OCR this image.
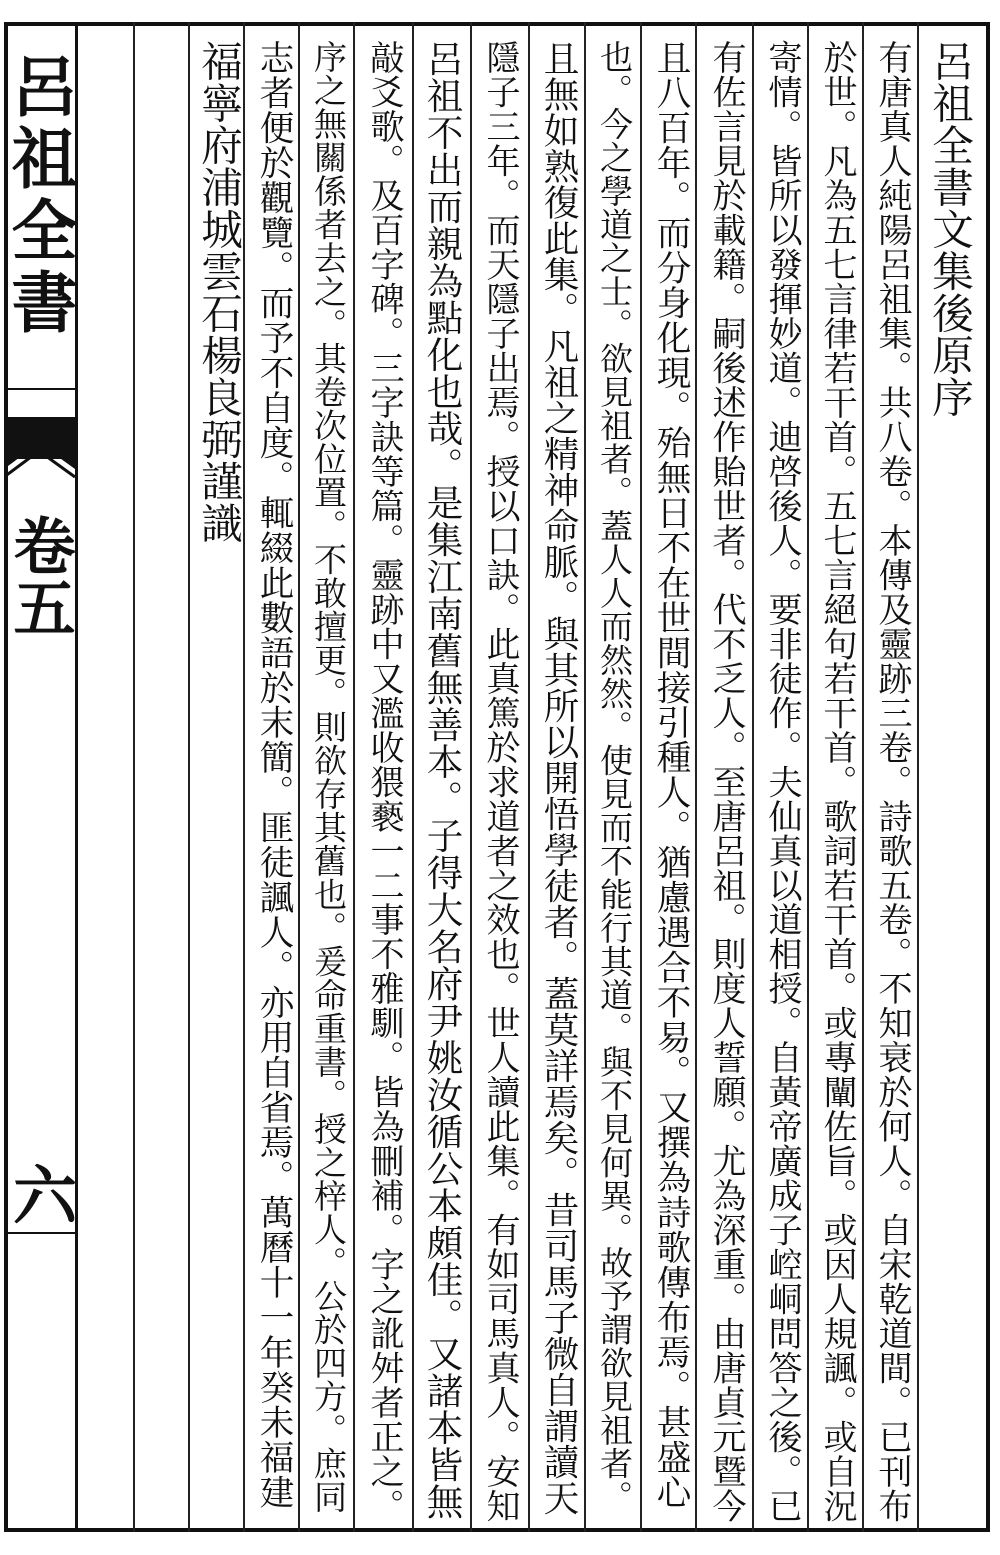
呂祖全書
卷五
六
呂祖全書文集後原序
有唐真人純陽呂祖集。共八卷。本傳及靈跡三卷。詩歌五卷。不知衰於何人。自宋乾道間。已刊布
於世。凡為五七言律若干首。五七言絕句若干首。歌詞若干首。或專闡佐旨。或因人規諷。或自況
寄情。皆所以發揮妙道。迪啓後人。要非徒作。夫仙真以道相授。自黃帝廣成子崆峒問答之後。已
有佐言見於載籍。嗣後述作貽世者。代不乏人。至唐呂祖。則度人誓願。尤為深重。由唐貞元暨今
且八百年。而分身化現。殆無日不在世間接引種人。猶慮遇合不易。又撰為詩歌傳布焉。甚盛心
也。今之學道之士。欲見祖者。蓋人人而然然。使見而不能行其道。與不見何異。故予謂欲見祖者。
且無如熟復此集。凡祖之精神命脈。與其所以開悟學徒者。蓋莫詳焉矣。昔司馬子微自謂讀天
隱子三年。而天隱子出焉。授以口訣。此真篤於求道者之效也。世人讀此集。有如司馬真人。安知
呂祖不出而親為點化也哉。是集江南舊無善本。子得大名府尹姚汝循公本頗佳。又諸本皆無
敲爻歌。及百字碑。三字訣等篇。靈跡中又濫收猥褻一二事不雅馴。皆為刪補。字之訛舛者正之。
序之無關係者去之。其卷次位置。不敢擅更。則欲存其舊也。爰命重書。授之梓人。公於四方。庶同
志者便於觀覽。而予不自度。輒綴此數語於末簡。匪徒諷人。亦用自省焉。萬曆十一年癸未福建
福寧府浦城雲石楊良弼謹識
